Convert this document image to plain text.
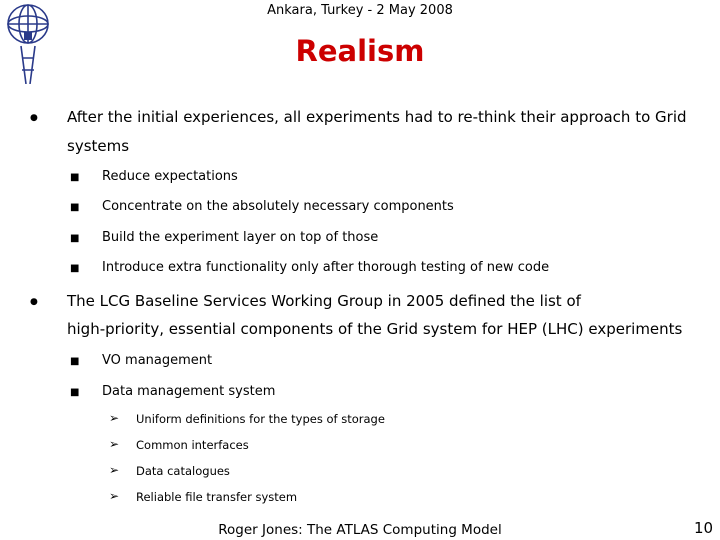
Ankara, Turkey - 2 May 2008
Realism
● After the initial experiences, all experiments had to re-think their approach to Grid
systems
■ Reduce expectations
■ Concentrate on the absolutely necessary components
■ Build the experiment layer on top of those
■ Introduce extra functionality only after thorough testing of new code
● The LCG Baseline Services Working Group in 2005 defined the list of
high-priority, essential components of the Grid system for HEP (LHC) experiments
■ VO management
■ Data management system
➢ Uniform definitions for the types of storage
➢ Common interfaces
➢ Data catalogues
➢ Reliable file transfer system
Roger Jones: The ATLAS Computing Model	10
